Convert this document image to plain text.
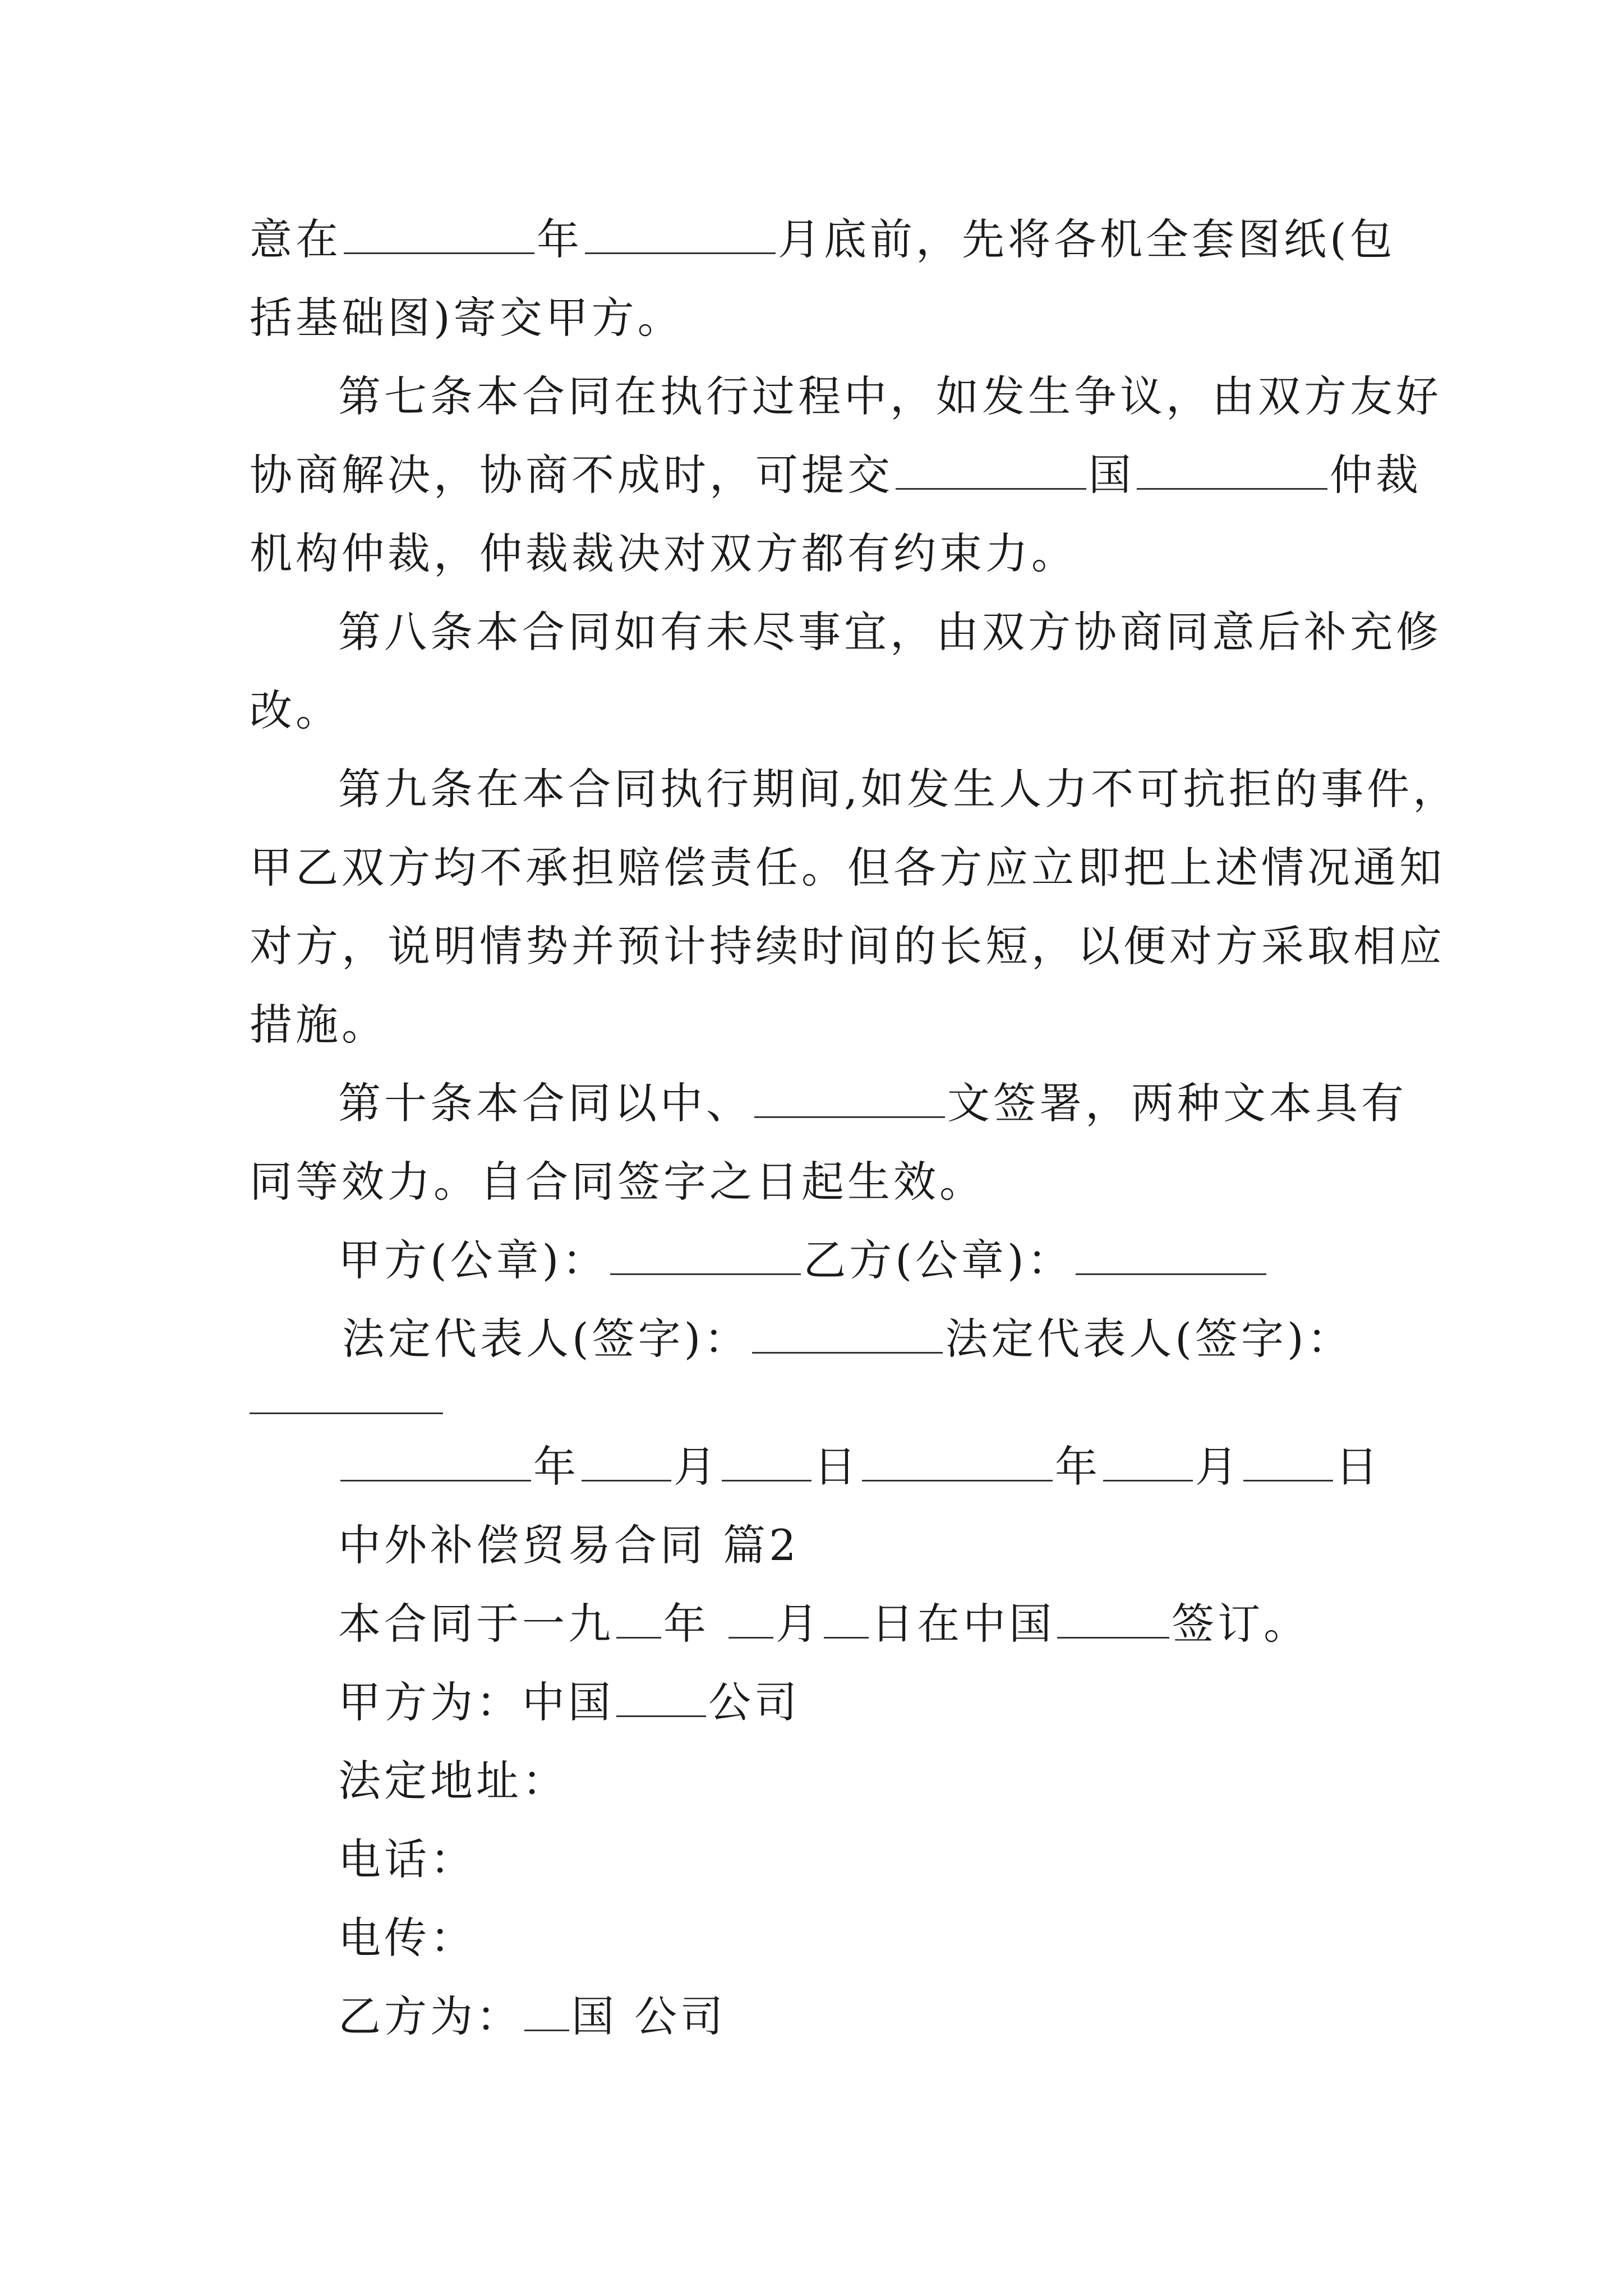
意在	年	月底前，先将各机全套图纸(包
括基础图)寄交甲方。
第七条本合同在执行过程中，如发生争议，由双方友好
协商解决，协商不成时，可提交	国	仲裁
机构仲裁，仲裁裁决对双方都有约束力。
第八条本合同如有未尽事宜，由双方协商同意后补充修
改。
第九条在本合同执行期间,如发生人力不可抗拒的事件，
甲乙双方均不承担赔偿责任。但各方应立即把上述情况通知
对方，说明情势并预计持续时间的长短，以便对方采取相应
措施。
第十条本合同以中、	文签署，两种文本具有
同等效力。自合同签字之日起生效。
甲方(公章)：	乙方(公章)：
法定代表人(签字)：	法定代表人(签字)：
年 月 日	年 月 日
中外补偿贸易合同 篇2
本合同于一九 年 月 日在中国	签订。
甲方为：中国 公司
法定地址：
电话：
电传：
乙方为： 国 公司
